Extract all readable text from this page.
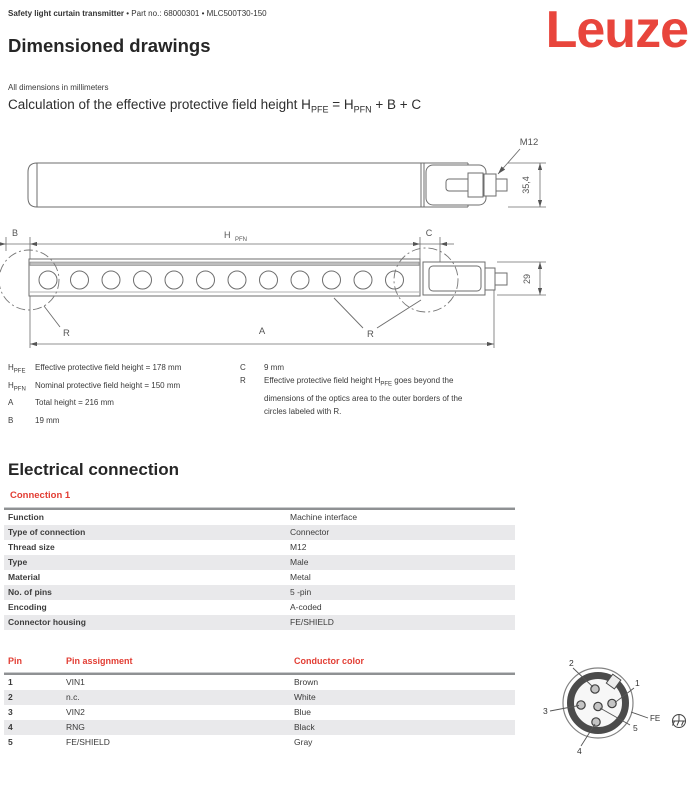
Safety light curtain transmitter • Part no.: 68000301 • MLC500T30-150	Leuze
Dimensioned drawings
All dimensions in millimeters
Calculation of the effective protective field height $H_{PFE} = H_{PFN} + B + C$
M12
35,4
B	H PFN
C
29
A
R	R
$H_{PFE}$	Effective protective field height = 178 mm
$H_{PFN}$	Nominal protective field height = 150 mm
A	Total height = 216 mm
B	19 mm
C	9 mm
R	Effective protective field height $H_{PFE}$ goes beyond the dimensions of the optics area to the outer borders of the circles labeled with R.
Electrical connection
Connection 1
Function	Machine interface
Type of connection	Connector
Thread size	M12
Type	Male
Material	Metal
No. of pins	5 -pin
Encoding	A-coded
Connector housing	FE/SHIELD
Pin	Pin assignment	Conductor color
1	VIN1	Brown
2	n.c.	White
3	VIN2	Blue
4	RNG	Black
5	FE/SHIELD	Gray
2
1
3
5
4
FE
